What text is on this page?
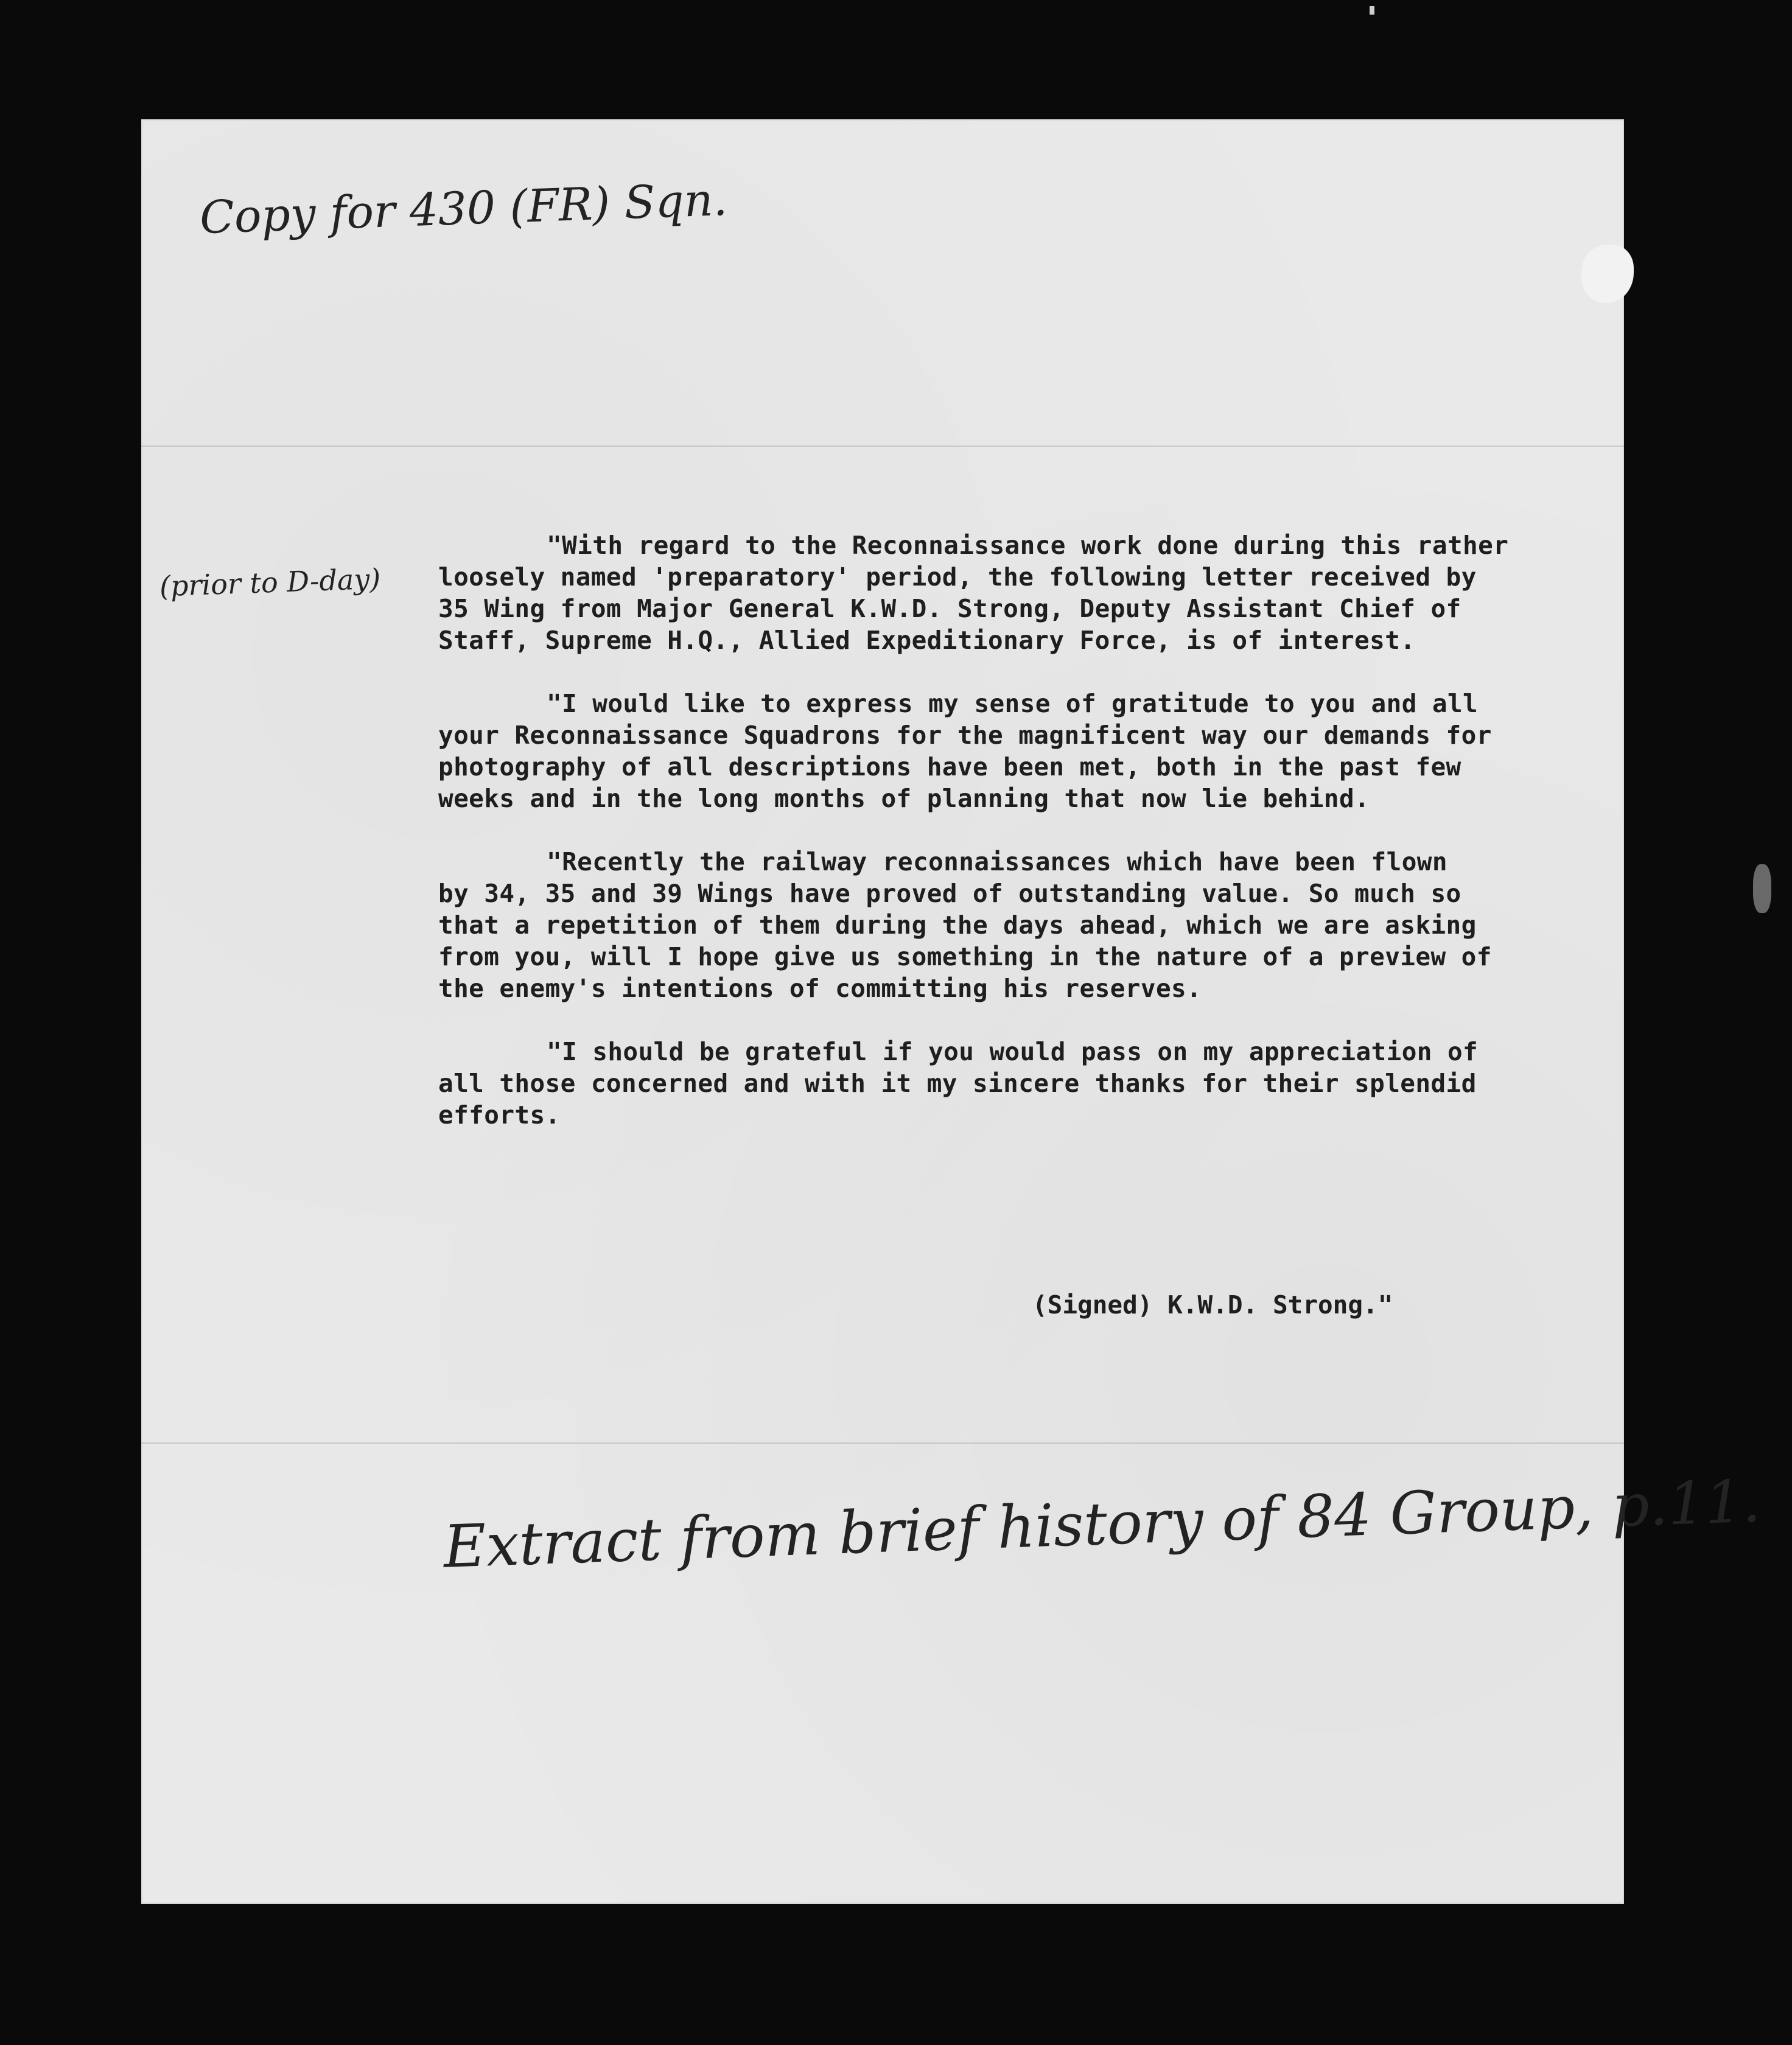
Copy for 430 (FR) Sqn.
(prior to D-day)
"With regard to the Reconnaissance work done during this rather
loosely named 'preparatory' period, the following letter received by
35 Wing from Major General K.W.D. Strong, Deputy Assistant Chief of
Staff, Supreme H.Q., Allied Expeditionary Force, is of interest.
"I would like to express my sense of gratitude to you and all
your Reconnaissance Squadrons for the magnificent way our demands for
photography of all descriptions have been met, both in the past few
weeks and in the long months of planning that now lie behind.
"Recently the railway reconnaissances which have been flown
by 34, 35 and 39 Wings have proved of outstanding value. So much so
that a repetition of them during the days ahead, which we are asking
from you, will I hope give us something in the nature of a preview of
the enemy's intentions of committing his reserves.
"I should be grateful if you would pass on my appreciation of
all those concerned and with it my sincere thanks for their splendid
efforts.
(Signed) K.W.D. Strong."
Extract from brief history of 84 Group, p.11.
